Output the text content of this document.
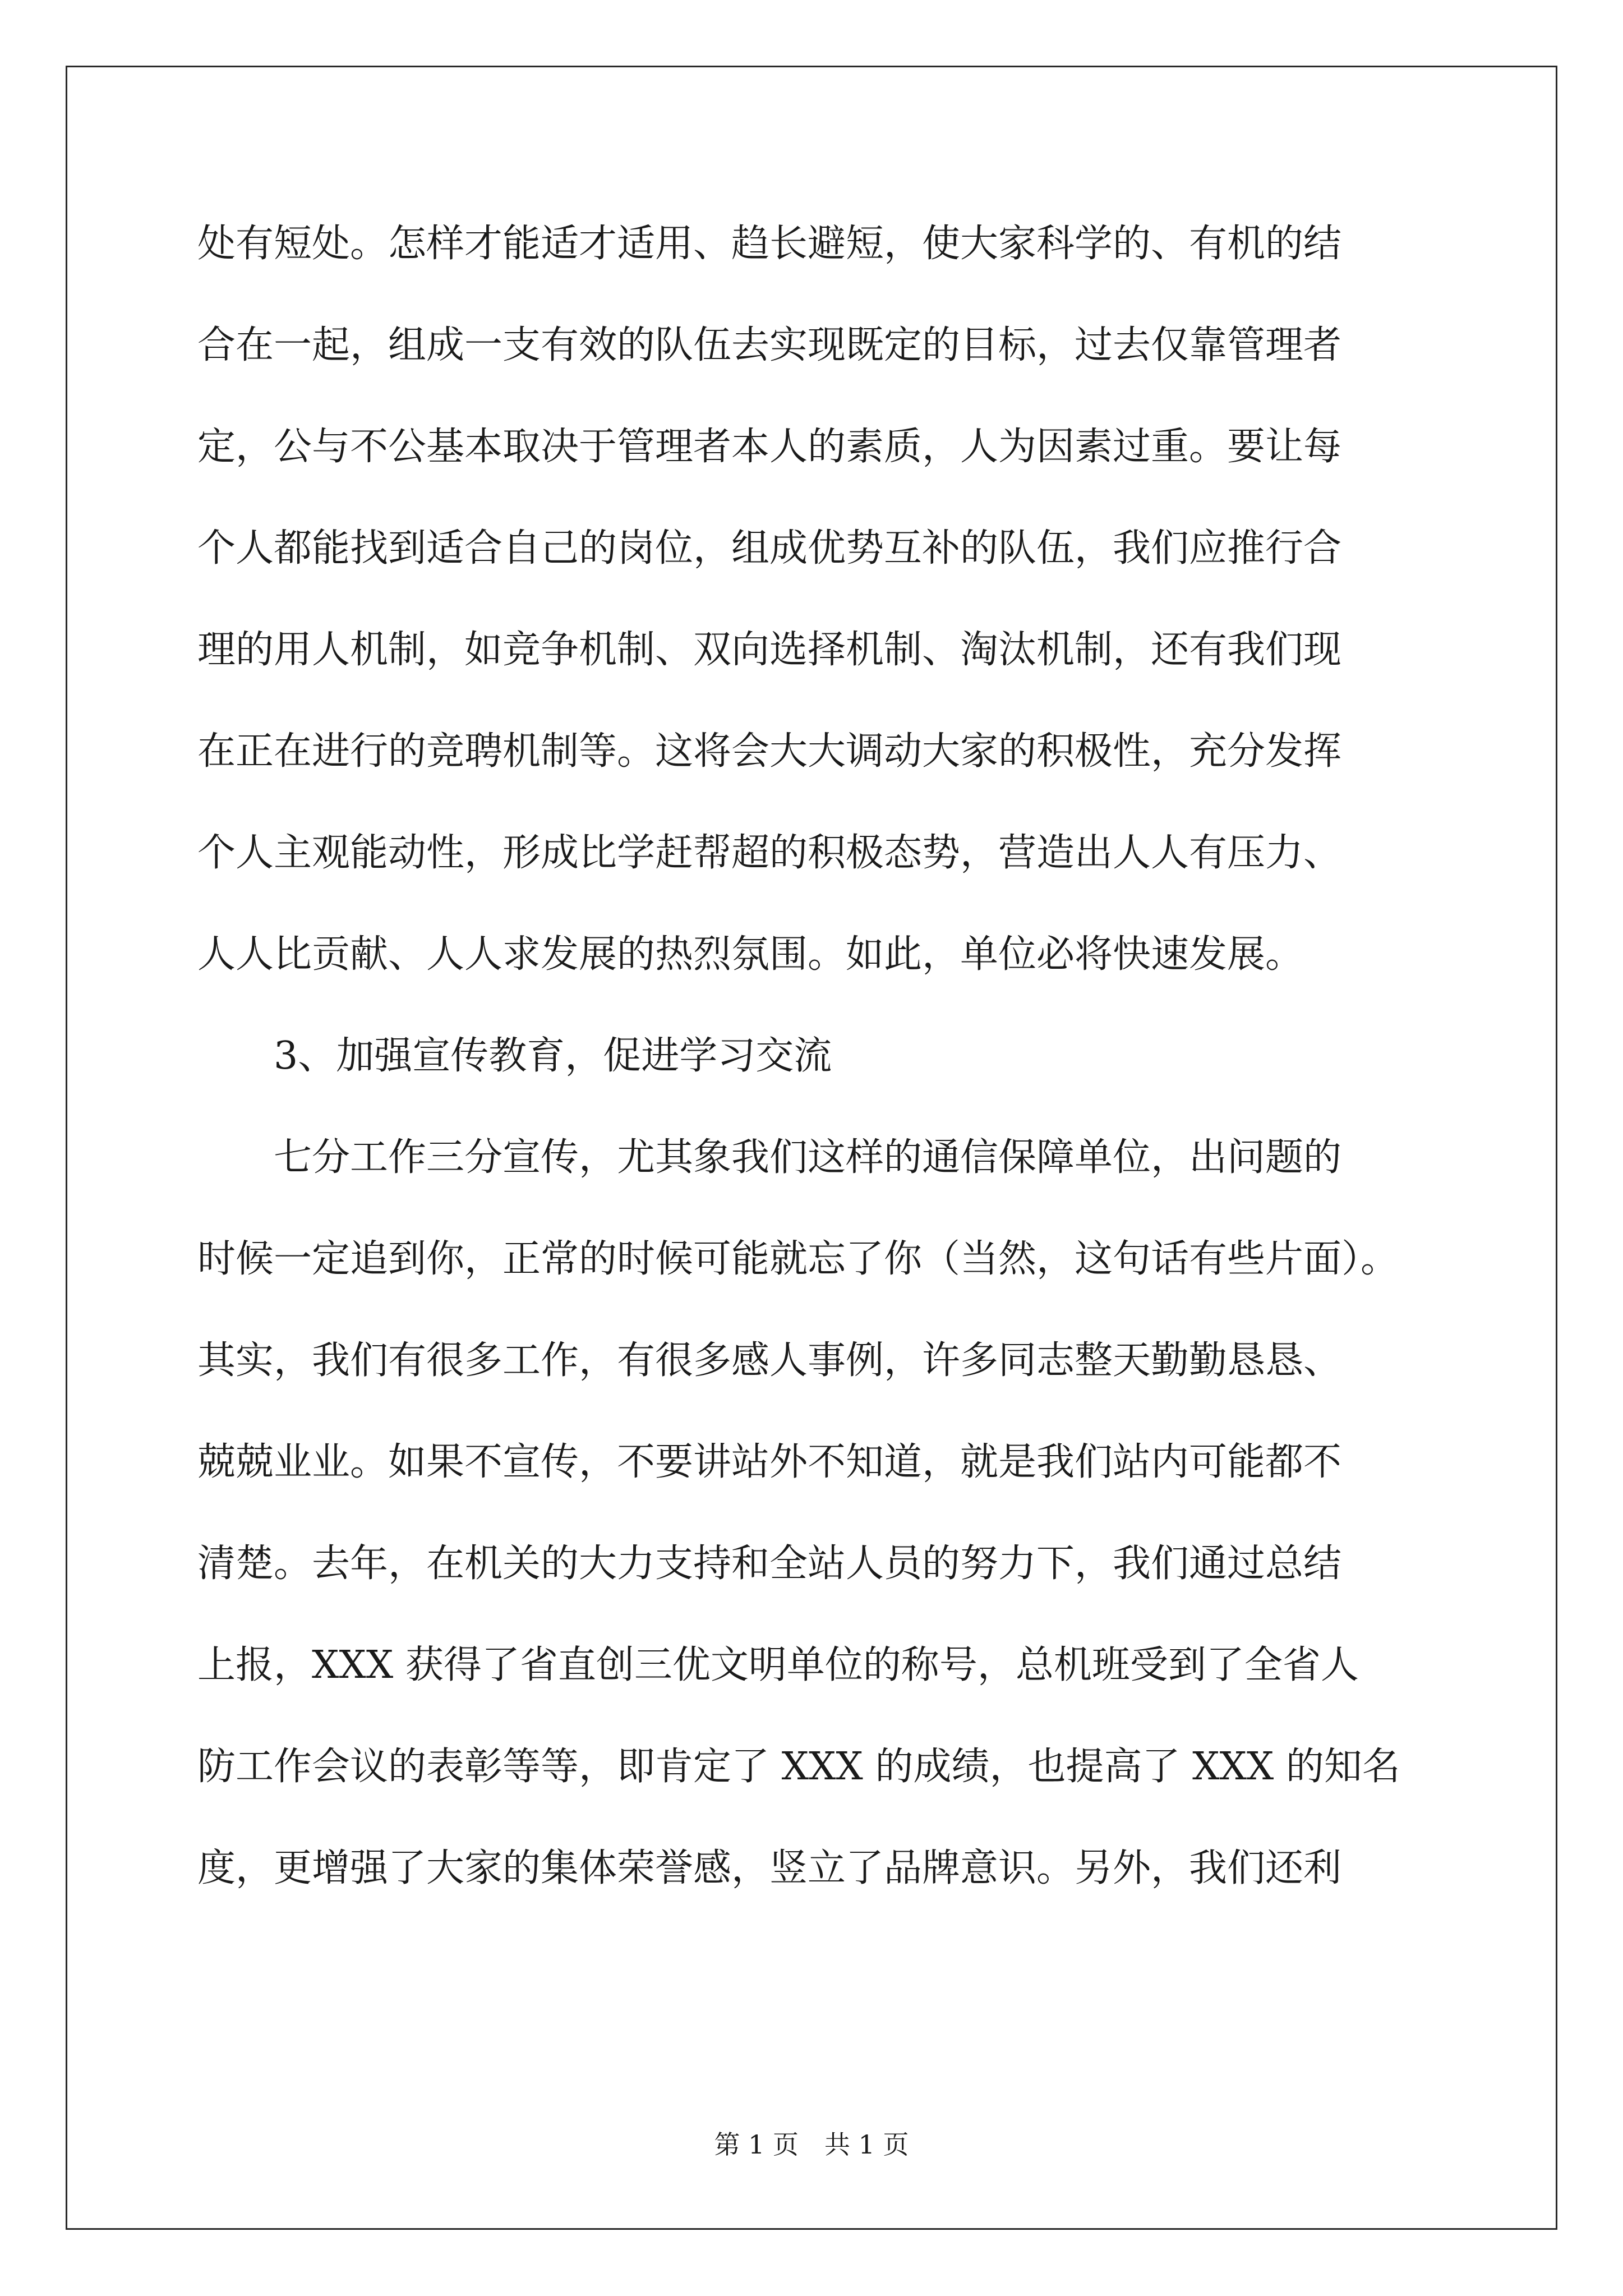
处有短处。怎样才能适才适用、趋长避短，使大家科学的、有机的结
合在一起，组成一支有效的队伍去实现既定的目标，过去仅靠管理者
定，公与不公基本取决于管理者本人的素质，人为因素过重。要让每
个人都能找到适合自己的岗位，组成优势互补的队伍，我们应推行合
理的用人机制，如竞争机制、双向选择机制、淘汰机制，还有我们现
在正在进行的竞聘机制等。这将会大大调动大家的积极性，充分发挥
个人主观能动性，形成比学赶帮超的积极态势，营造出人人有压力、
人人比贡献、人人求发展的热烈氛围。如此，单位必将快速发展。
3、加强宣传教育，促进学习交流
七分工作三分宣传，尤其象我们这样的通信保障单位，出问题的
时候一定追到你，正常的时候可能就忘了你（当然，这句话有些片面）。
其实，我们有很多工作，有很多感人事例，许多同志整天勤勤恳恳、
兢兢业业。如果不宣传，不要讲站外不知道，就是我们站内可能都不
清楚。去年，在机关的大力支持和全站人员的努力下，我们通过总结
上报，XXX 获得了省直创三优文明单位的称号，总机班受到了全省人
防工作会议的表彰等等，即肯定了 XXX 的成绩，也提高了 XXX 的知名
度，更增强了大家的集体荣誉感，竖立了品牌意识。另外，我们还利
第 1 页 共 1 页
